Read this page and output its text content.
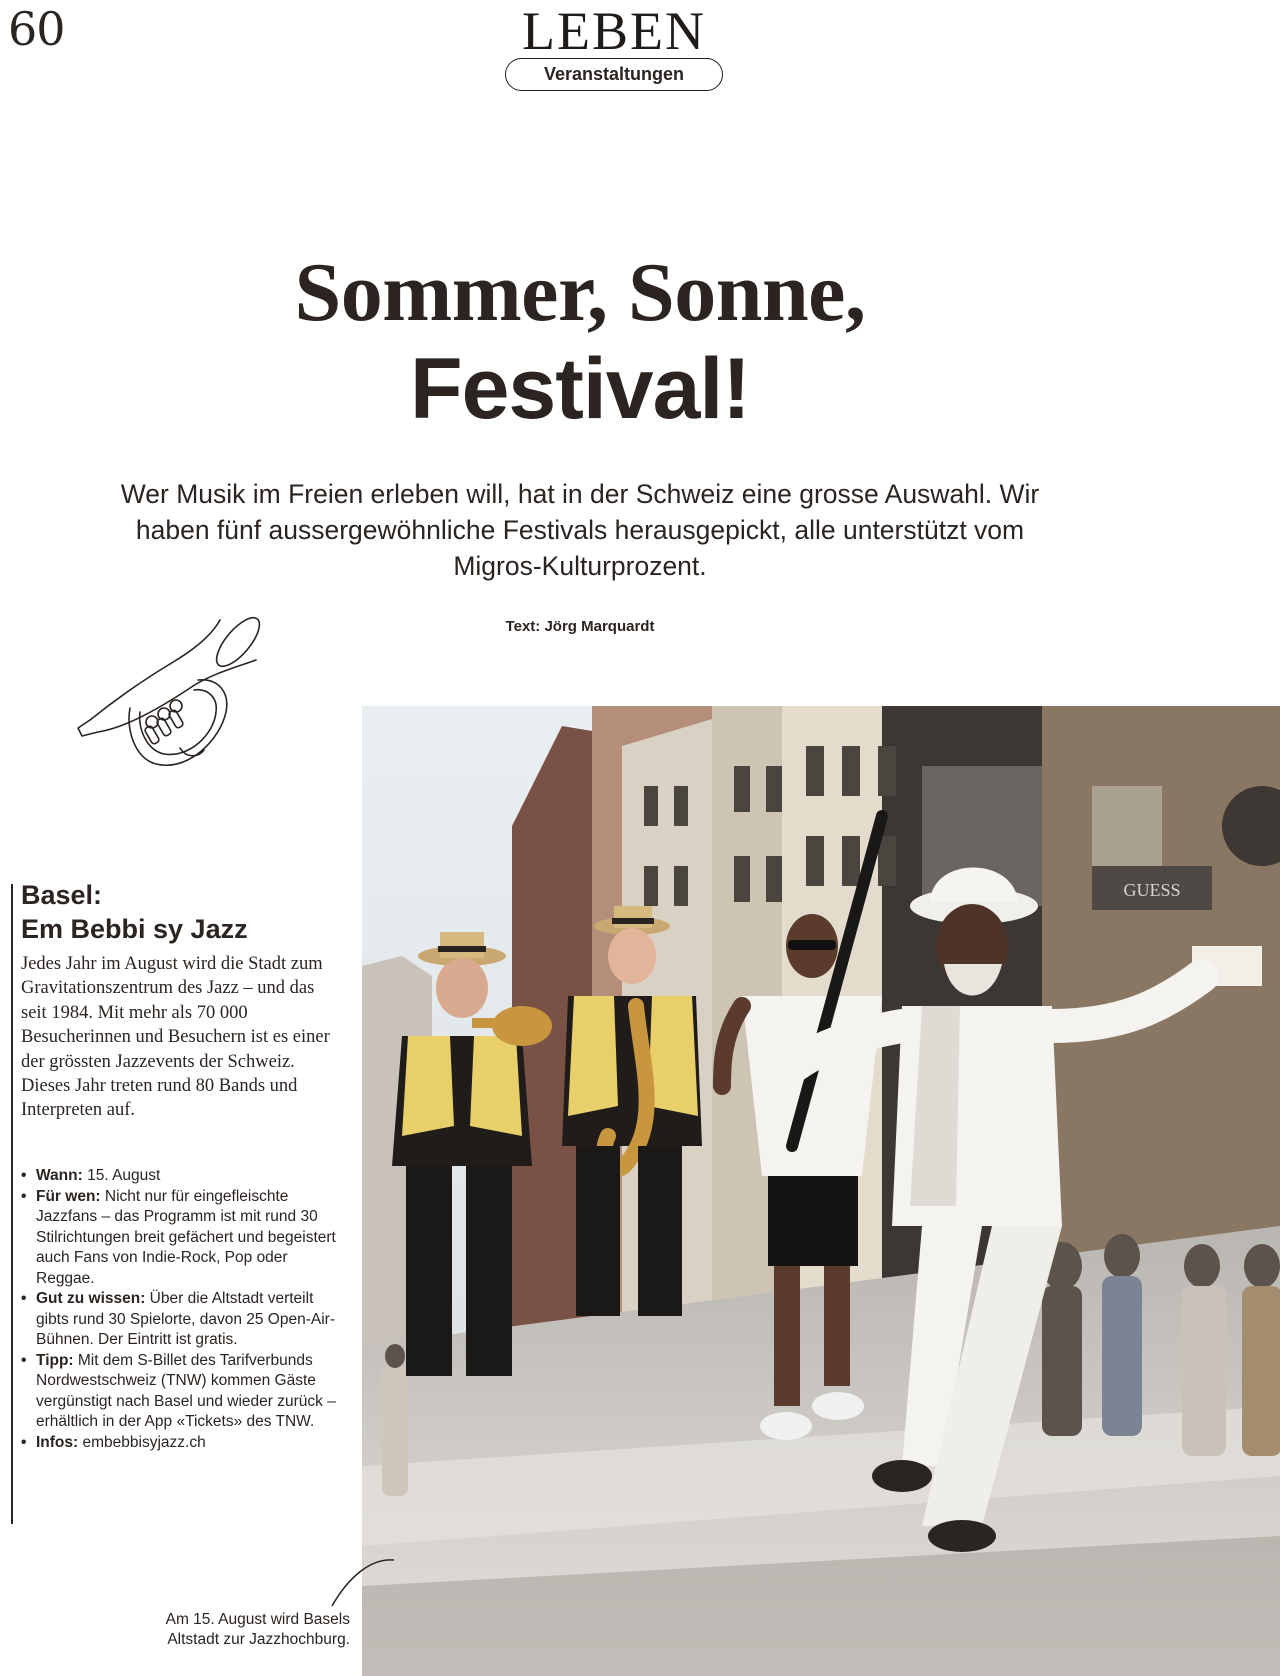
60	LEBEN
Veranstaltungen
Sommer, Sonne,
Festival!

Wer Musik im Freien erleben will, hat in der Schweiz eine grosse Auswahl. Wir haben fünf aussergewöhnliche Festivals herausgepickt, alle unterstützt vom Migros-Kulturprozent.

Text: Jörg Marquardt

GUESS
Basel:
Em Bebbi sy Jazz

Jedes Jahr im August wird die Stadt zum Gravitationszentrum des Jazz – und das seit 1984. Mit mehr als 70 000 Besucherinnen und Besuchern ist es einer der grössten Jazzevents der Schweiz. Dieses Jahr treten rund 80 Bands und Interpreten auf.

• Wann: 15. August
• Für wen: Nicht nur für eingefleischte Jazzfans – das Programm ist mit rund 30 Stilrichtungen breit gefächert und begeistert auch Fans von Indie-Rock, Pop oder Reggae.
• Gut zu wissen: Über die Altstadt verteilt gibts rund 30 Spielorte, davon 25 Open-Air-Bühnen. Der Eintritt ist gratis.
• Tipp: Mit dem S-Billet des Tarifverbunds Nordwestschweiz (TNW) kommen Gäste vergünstigt nach Basel und wieder zurück – erhältlich in der App «Tickets» des TNW.
• Infos: embebbisyjazz.ch

Am 15. August wird Basels Altstadt zur Jazzhochburg.
